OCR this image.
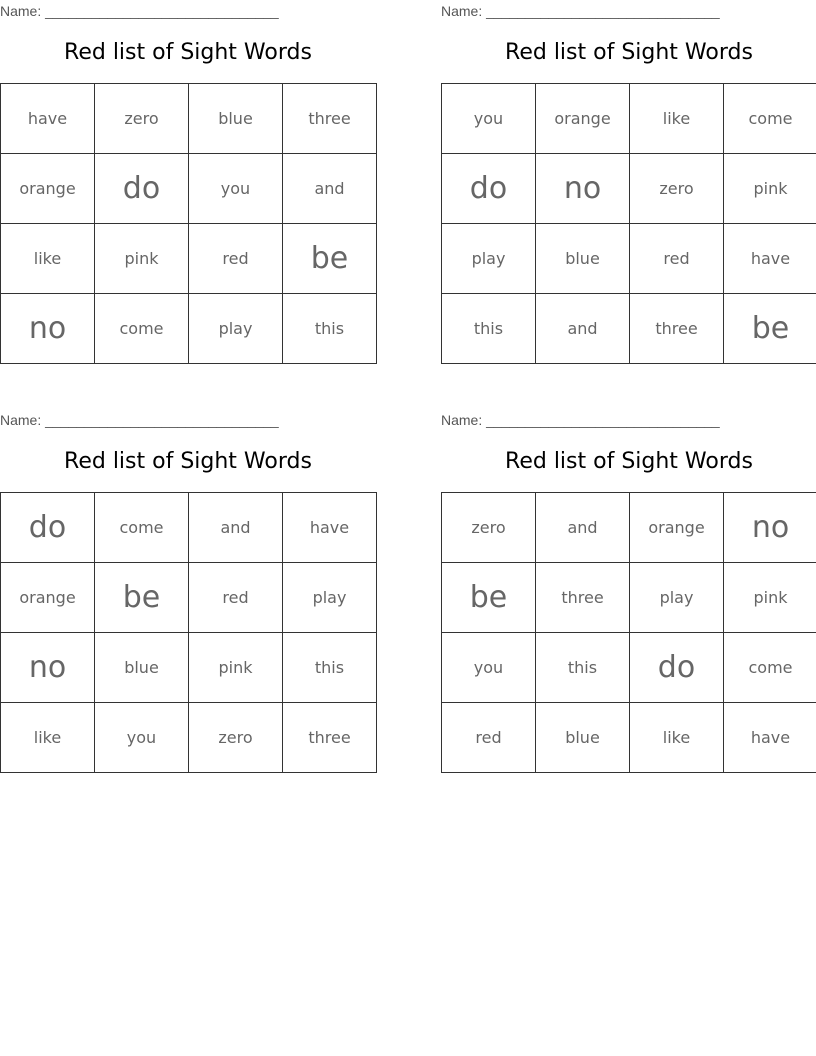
Name: ______________________________
Red list of Sight Words
have	zero	blue	three
orange	do	you	and
like	pink	red	be
no	come	play	this
Name: ______________________________
Red list of Sight Words
you	orange	like	come
do	no	zero	pink
play	blue	red	have
this	and	three	be
Name: ______________________________
Red list of Sight Words
do	come	and	have
orange	be	red	play
no	blue	pink	this
like	you	zero	three
Name: ______________________________
Red list of Sight Words
zero	and	orange	no
be	three	play	pink
you	this	do	come
red	blue	like	have
